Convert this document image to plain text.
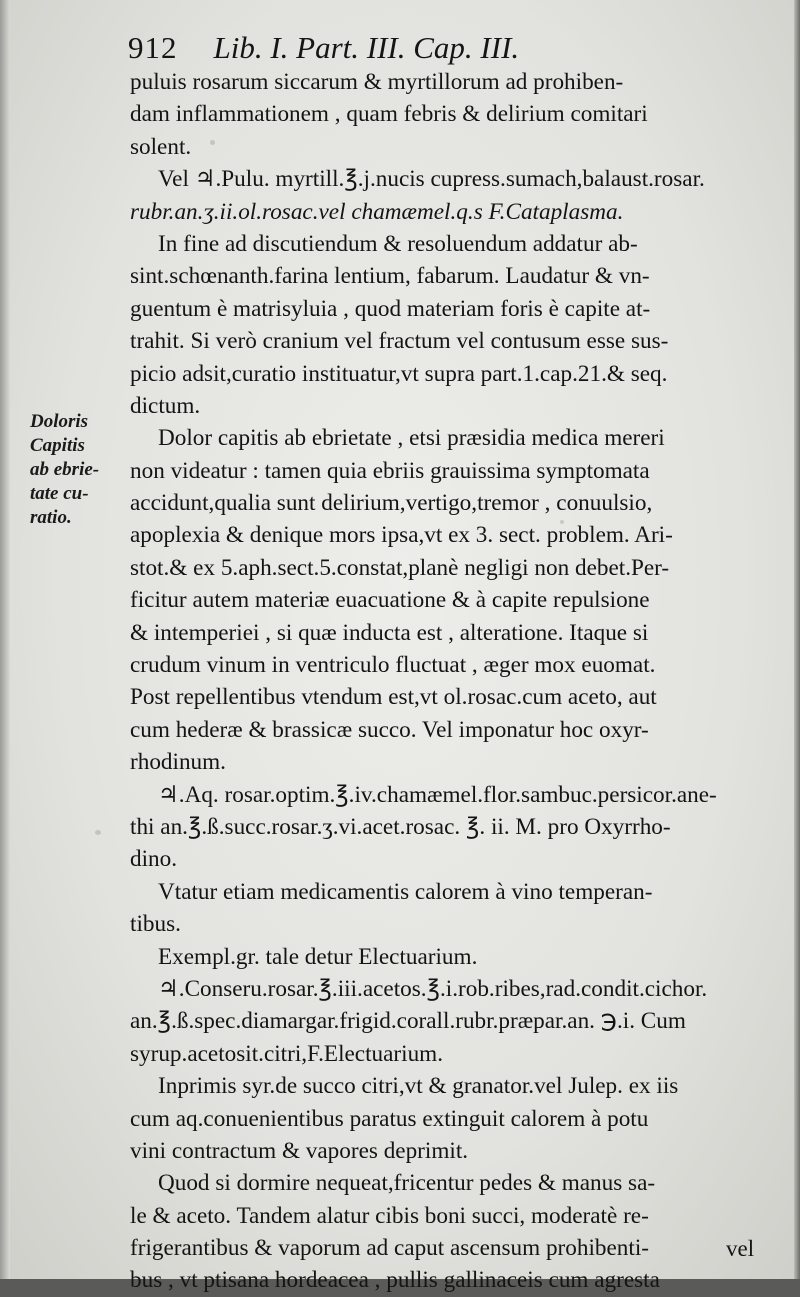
912 Lib. I. Part. III. Cap. III.
Doloris
Capitis
ab ebrie-
tate cu-
ratio.
puluis rosarum siccarum & myrtillorum ad prohiben-
dam inflammationem , quam febris & delirium comitari
solent.
Vel ♃.Pulu. myrtill.℥.j.nucis cupress.sumach,balaust.rosar.
rubr.an.ʒ.ii.ol.rosac.vel chamæmel.q.s F.Cataplasma.
In fine ad discutiendum & resoluendum addatur ab-
sint.schœnanth.farina lentium, fabarum. Laudatur & vn-
guentum è matrisyluia , quod materiam foris è capite at-
trahit. Si verò cranium vel fractum vel contusum esse sus-
picio adsit,curatio instituatur,vt supra part.1.cap.21.& seq.
dictum.
Dolor capitis ab ebrietate , etsi præsidia medica mereri
non videatur : tamen quia ebriis grauissima symptomata
accidunt,qualia sunt delirium,vertigo,tremor , conuulsio,
apoplexia & denique mors ipsa,vt ex 3. sect. problem. Ari-
stot.& ex 5.aph.sect.5.constat,planè negligi non debet.Per-
ficitur autem materiæ euacuatione & à capite repulsione
& intemperiei , si quæ inducta est , alteratione. Itaque si
crudum vinum in ventriculo fluctuat , æger mox euomat.
Post repellentibus vtendum est,vt ol.rosac.cum aceto, aut
cum hederæ & brassicæ succo. Vel imponatur hoc oxyr-
rhodinum.
♃.Aq. rosar.optim.℥.iv.chamæmel.flor.sambuc.persicor.ane-
thi an.℥.ß.succ.rosar.ʒ.vi.acet.rosac. ℥. ii. M. pro Oxyrrho-
dino.
Vtatur etiam medicamentis calorem à vino temperan-
tibus.
Exempl.gr. tale detur Electuarium.
♃.Conseru.rosar.℥.iii.acetos.℥.i.rob.ribes,rad.condit.cichor.
an.℥.ß.spec.diamargar.frigid.corall.rubr.præpar.an. ℈.i. Cum
syrup.acetosit.citri,F.Electuarium.
Inprimis syr.de succo citri,vt & granator.vel Julep. ex iis
cum aq.conuenientibus paratus extinguit calorem à potu
vini contractum & vapores deprimit.
Quod si dormire nequeat,fricentur pedes & manus sa-
le & aceto. Tandem alatur cibis boni succi, moderatè re-
frigerantibus & vaporum ad caput ascensum prohibenti-
bus , vt ptisana hordeacea , pullis gallinaceis cum agresta
vel
